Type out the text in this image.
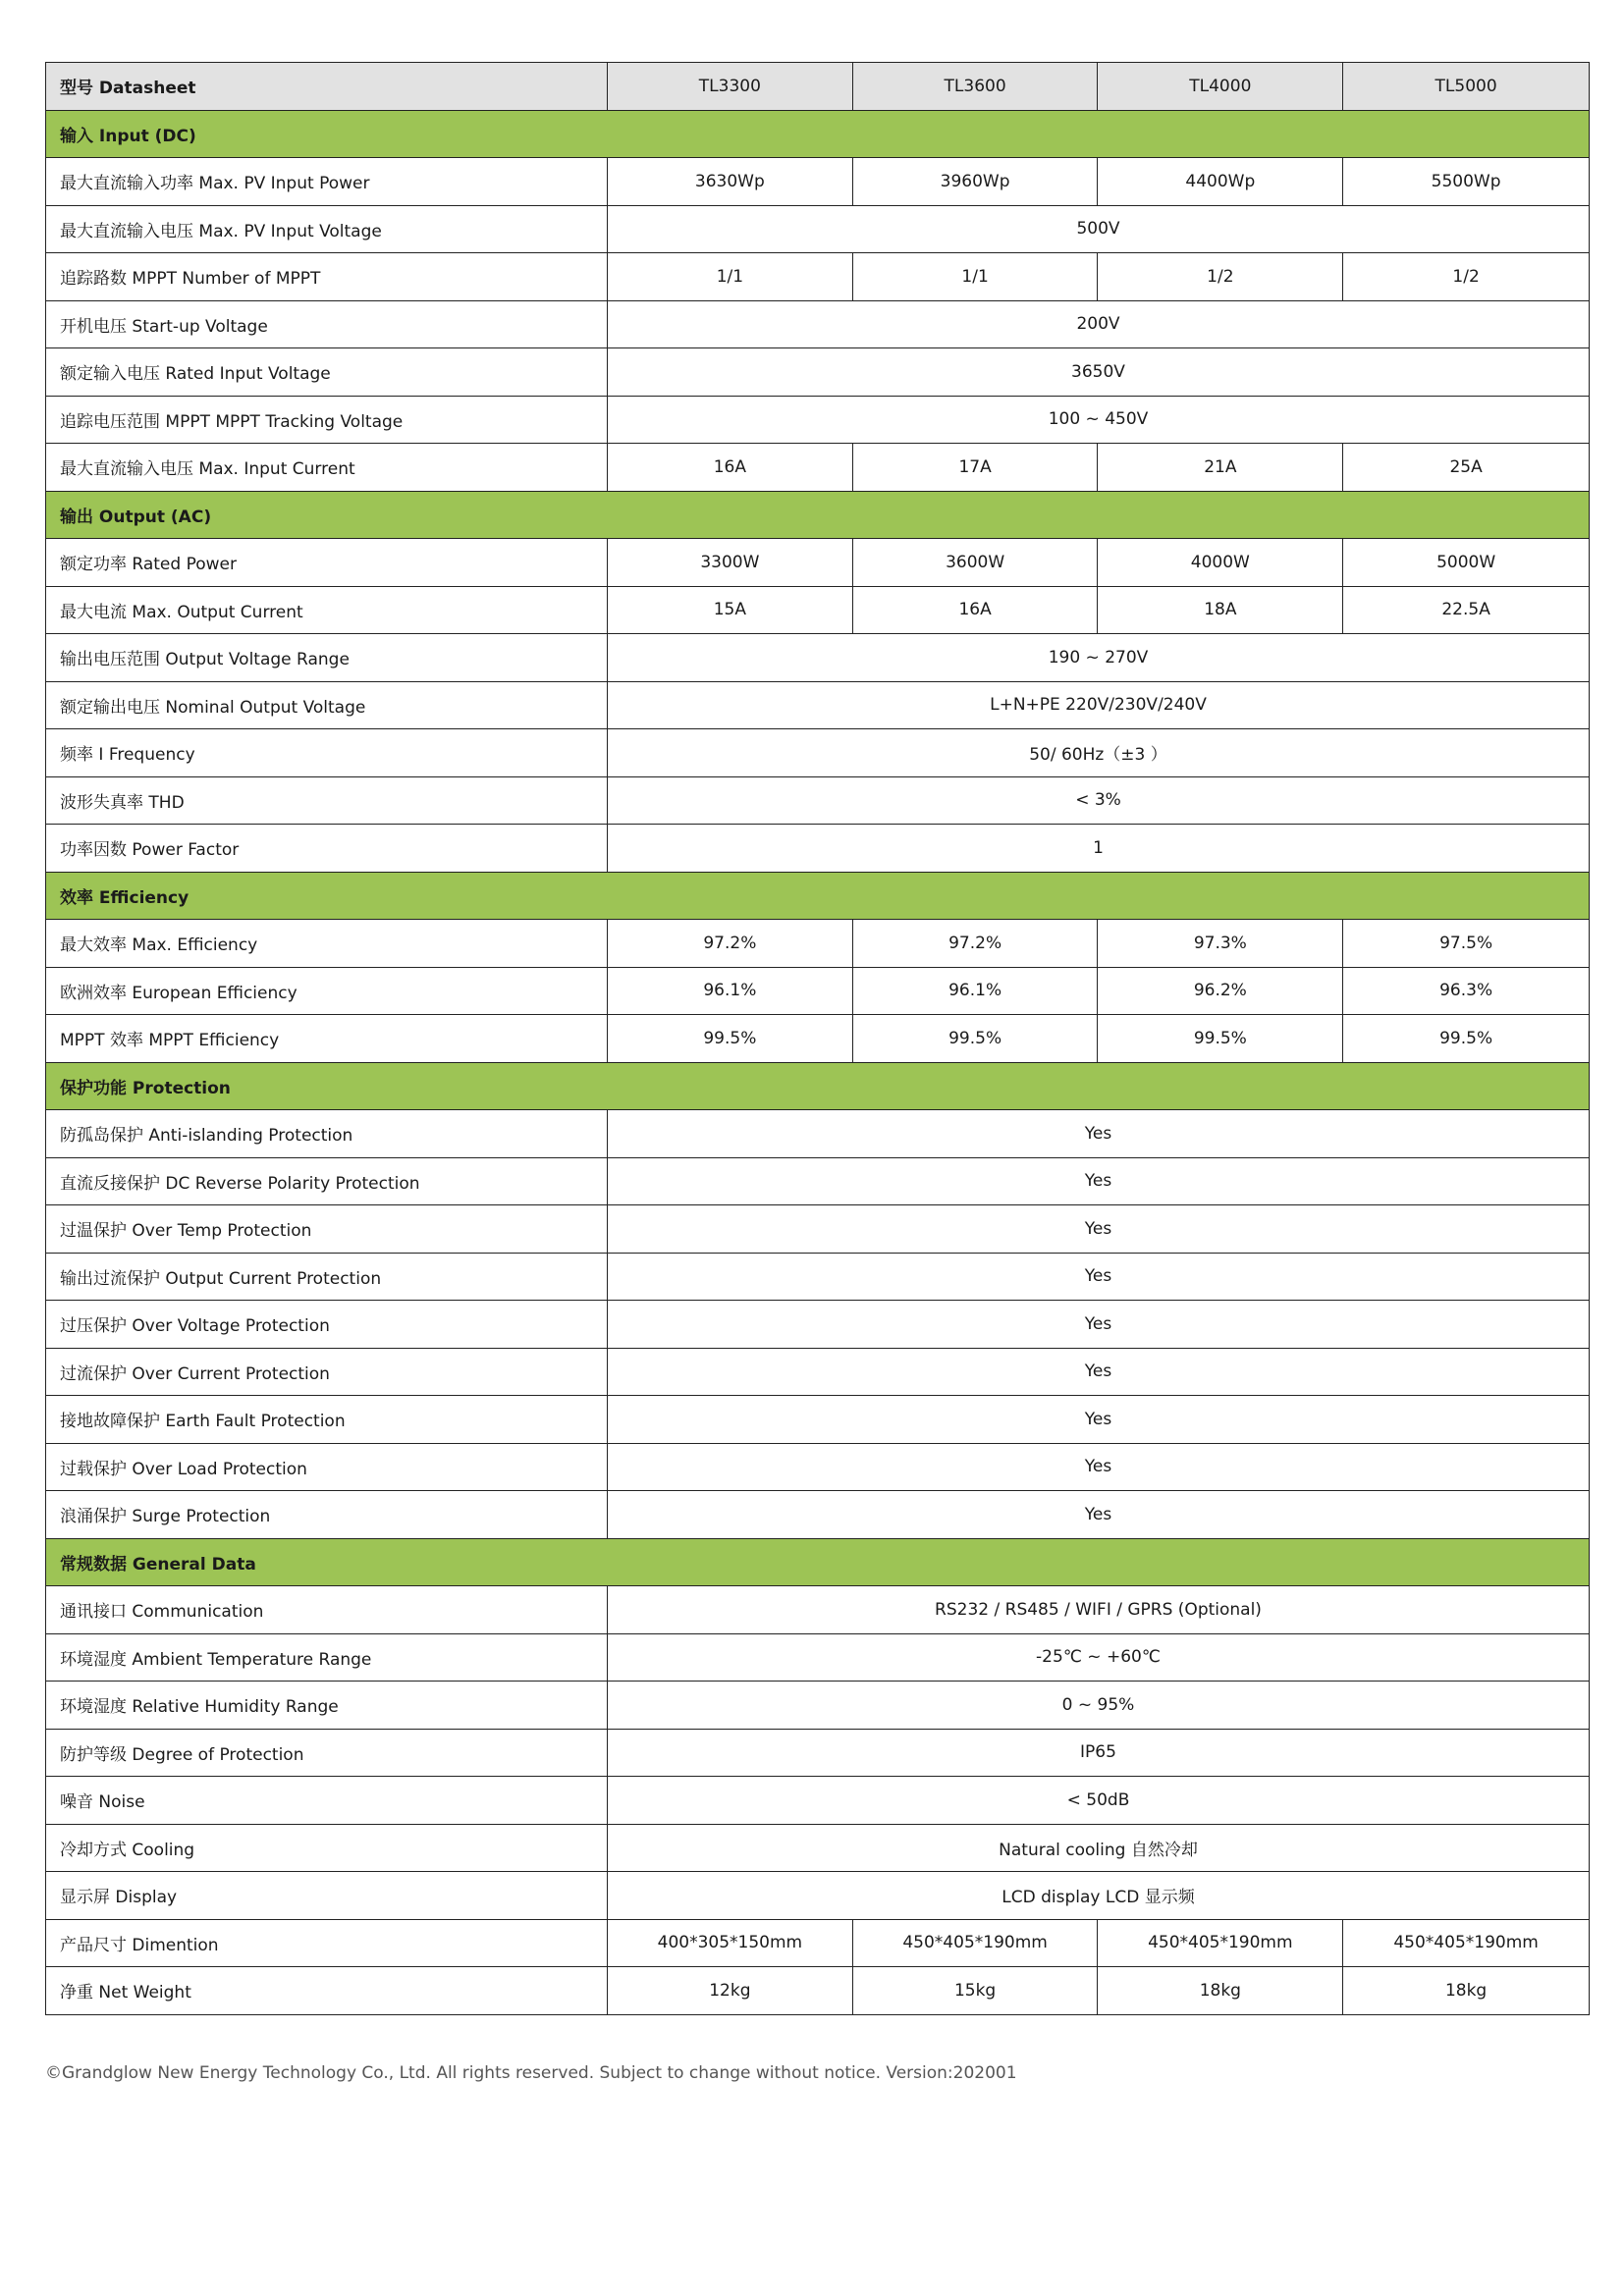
型号 Datasheet	TL3300	TL3600	TL4000	TL5000
输入 Input (DC)				
最大直流输入功率 Max. PV Input Power	3630Wp	3960Wp	4400Wp	5500Wp
最大直流输入电压 Max. PV Input Voltage	500V			
追踪路数 MPPT Number of MPPT	1/1	1/1	1/2	1/2
开机电压 Start-up Voltage	200V			
额定输入电压 Rated Input Voltage	3650V			
追踪电压范围 MPPT MPPT Tracking Voltage	100 ~ 450V			
最大直流输入电压 Max. Input Current	16A	17A	21A	25A
输出 Output (AC)				
额定功率 Rated Power	3300W	3600W	4000W	5000W
最大电流 Max. Output Current	15A	16A	18A	22.5A
输出电压范围 Output Voltage Range	190 ~ 270V			
额定输出电压 Nominal Output Voltage	L+N+PE 220V/230V/240V			
频率 I Frequency	50/ 60Hz（±3 ）			
波形失真率 THD	< 3%			
功率因数 Power Factor	1			
效率 Efficiency				
最大效率 Max. Efficiency	97.2%	97.2%	97.3%	97.5%
欧洲效率 European Efficiency	96.1%	96.1%	96.2%	96.3%
MPPT 效率 MPPT Efficiency	99.5%	99.5%	99.5%	99.5%
保护功能 Protection				
防孤岛保护 Anti-islanding Protection	Yes			
直流反接保护 DC Reverse Polarity Protection	Yes			
过温保护 Over Temp Protection	Yes			
输出过流保护 Output Current Protection	Yes			
过压保护 Over Voltage Protection	Yes			
过流保护 Over Current Protection	Yes			
接地故障保护 Earth Fault Protection	Yes			
过载保护 Over Load Protection	Yes			
浪涌保护 Surge Protection	Yes			
常规数据 General Data				
通讯接口 Communication	RS232 / RS485 / WIFI / GPRS (Optional)			
环境湿度 Ambient Temperature Range	-25℃ ~ +60℃			
环境湿度 Relative Humidity Range	0 ~ 95%			
防护等级 Degree of Protection	IP65			
噪音 Noise	< 50dB			
冷却方式 Cooling	Natural cooling 自然冷却			
显示屏 Display	LCD display LCD 显示频			
产品尺寸 Dimention	400*305*150mm	450*405*190mm	450*405*190mm	450*405*190mm
净重 Net Weight	12kg	15kg	18kg	18kg
©Grandglow New Energy Technology Co., Ltd. All rights reserved. Subject to change without notice. Version:202001
